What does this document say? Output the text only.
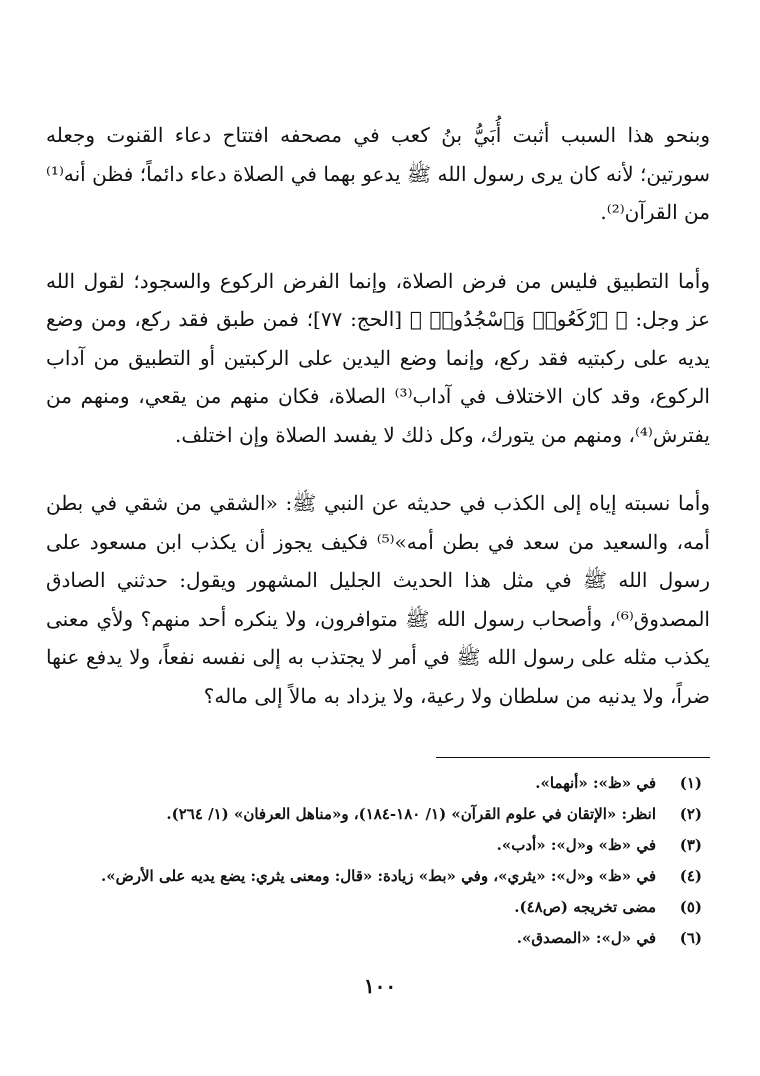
وبنحو هذا السبب أثبت أُبَيُّ بنُ كعب في مصحفه افتتاح دعاء القنوت وجعله سورتين؛ لأنه كان يرى رسول الله ﷺ يدعو بهما في الصلاة دعاء دائماً؛ فظن أنه⁽¹⁾ من القرآن⁽²⁾.

وأما التطبيق فليس من فرض الصلاة، وإنما الفرض الركوع والسجود؛ لقول الله عز وجل: ﴿ ٱرْكَعُوا۟ وَٱسْجُدُوا۟ ﴾ [الحج: ٧٧]؛ فمن طبق فقد ركع، ومن وضع يديه على ركبتيه فقد ركع، وإنما وضع اليدين على الركبتين أو التطبيق من آداب الركوع، وقد كان الاختلاف في آداب⁽³⁾ الصلاة، فكان منهم من يقعي، ومنهم من يفترش⁽⁴⁾، ومنهم من يتورك، وكل ذلك لا يفسد الصلاة وإن اختلف.

وأما نسبته إياه إلى الكذب في حديثه عن النبي ﷺ: «الشقي من شقي في بطن أمه، والسعيد من سعد في بطن أمه»⁽⁵⁾ فكيف يجوز أن يكذب ابن مسعود على رسول الله ﷺ في مثل هذا الحديث الجليل المشهور ويقول: حدثني الصادق المصدوق⁽⁶⁾، وأصحاب رسول الله ﷺ متوافرون، ولا ينكره أحد منهم؟ ولأي معنى يكذب مثله على رسول الله ﷺ في أمر لا يجتذب به إلى نفسه نفعاً، ولا يدفع عنها ضراً، ولا يدنيه من سلطان ولا رعية، ولا يزداد به مالاً إلى ماله؟

(١)
في «ظ»: «أنهما».
(٢)
انظر: «الإتقان في علوم القرآن» (١/ ١٨٠-١٨٤)، و«مناهل العرفان» (١/ ٢٦٤).
(٣)
في «ظ» و«ل»: «أدب».
(٤)
في «ظ» و«ل»: «يثري»، وفي «بط» زيادة: «قال: ومعنى يثري: يضع يديه على الأرض».
(٥)
مضى تخريجه (ص٤٨).
(٦)
في «ل»: «المصدق».
١٠٠
